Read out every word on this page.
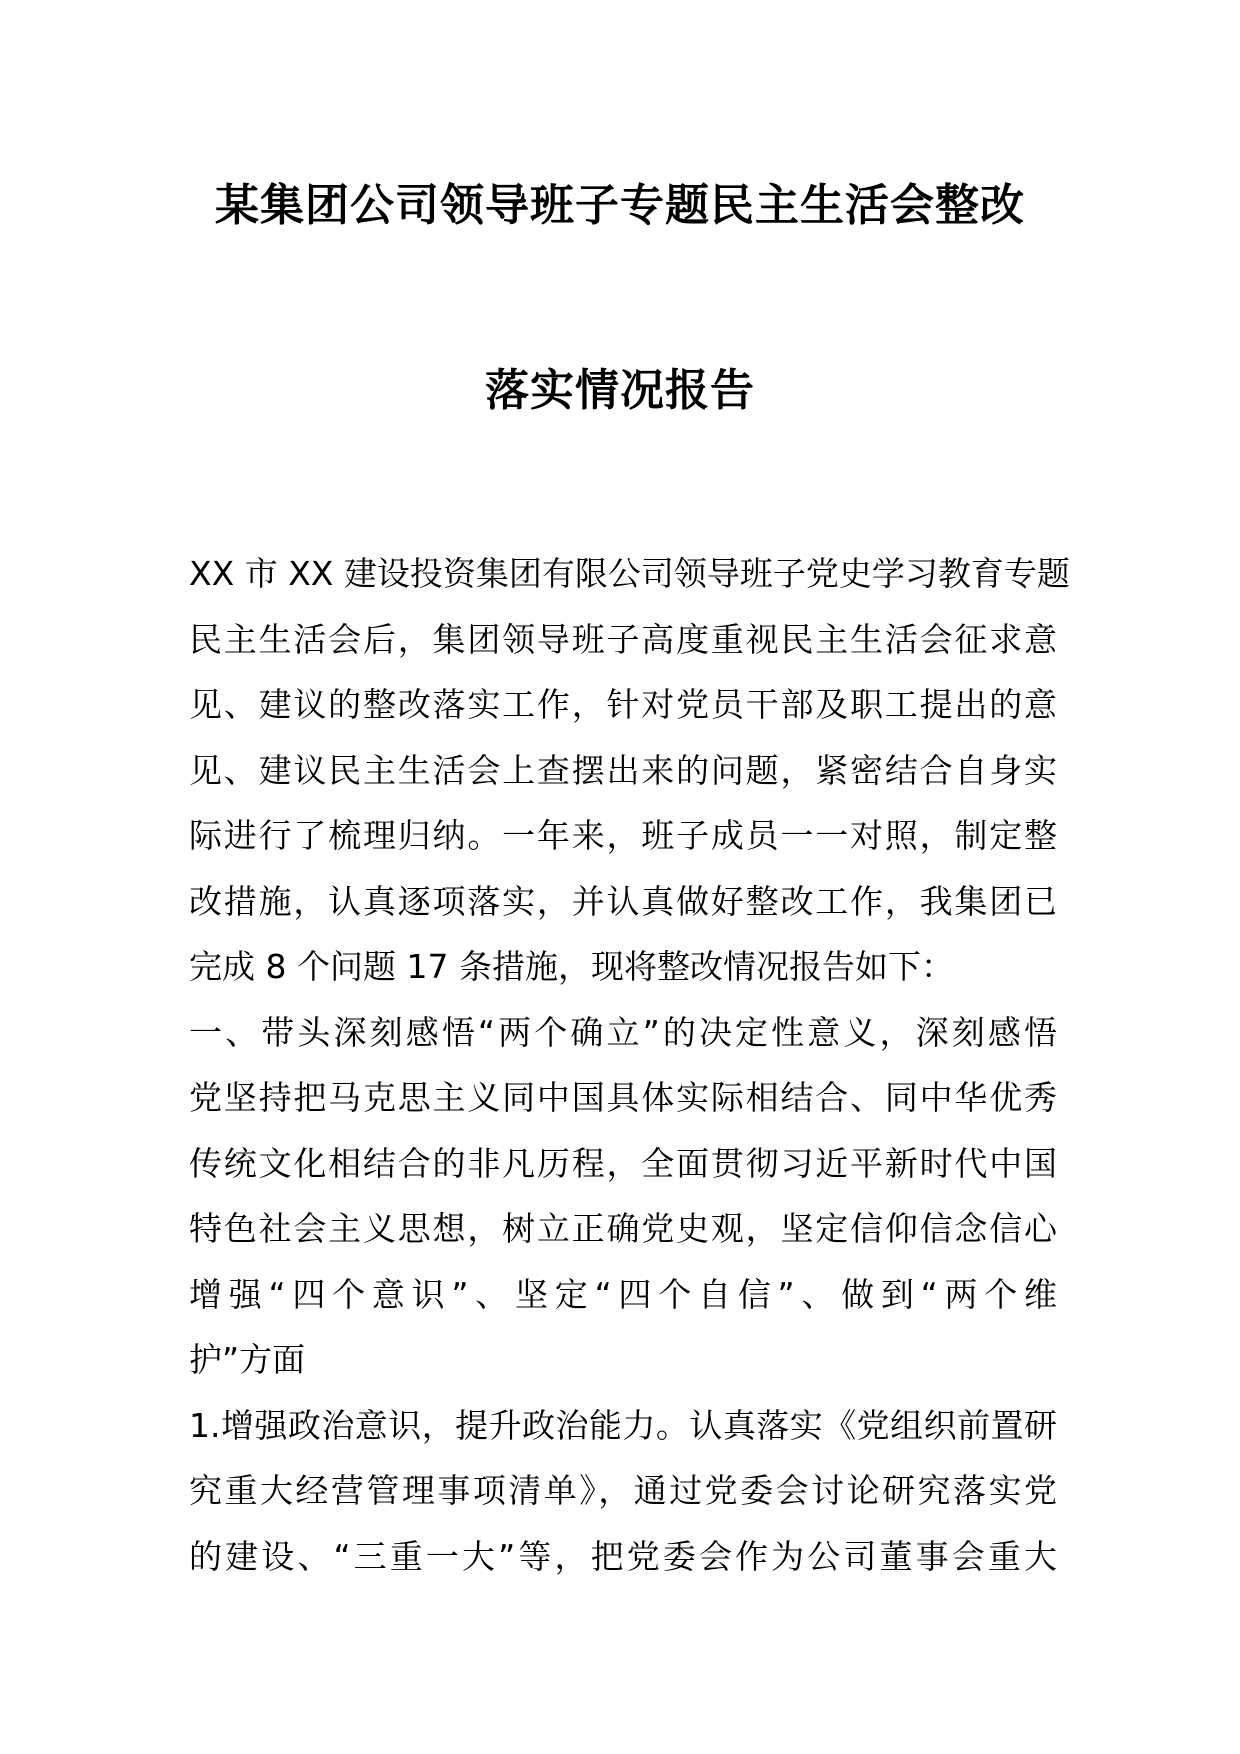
某集团公司领导班子专题民主生活会整改
落实情况报告
XX 市 XX 建设投资集团有限公司领导班子党史学习教育专题
民主生活会后，集团领导班子高度重视民主生活会征求意
见、建议的整改落实工作，针对党员干部及职工提出的意
见、建议民主生活会上查摆出来的问题，紧密结合自身实
际进行了梳理归纳。一年来，班子成员一一对照，制定整
改措施，认真逐项落实，并认真做好整改工作，我集团已
完成 8 个问题 17 条措施，现将整改情况报告如下：
一、带头深刻感悟“两个确立”的决定性意义，深刻感悟
党坚持把马克思主义同中国具体实际相结合、同中华优秀
传统文化相结合的非凡历程，全面贯彻习近平新时代中国
特色社会主义思想，树立正确党史观，坚定信仰信念信心
增强“四个意识”、坚定“四个自信”、做到“两个维
护”方面
1.增强政治意识，提升政治能力。认真落实《党组织前置研
究重大经营管理事项清单》，通过党委会讨论研究落实党
的建设、“三重一大”等，把党委会作为公司董事会重大
